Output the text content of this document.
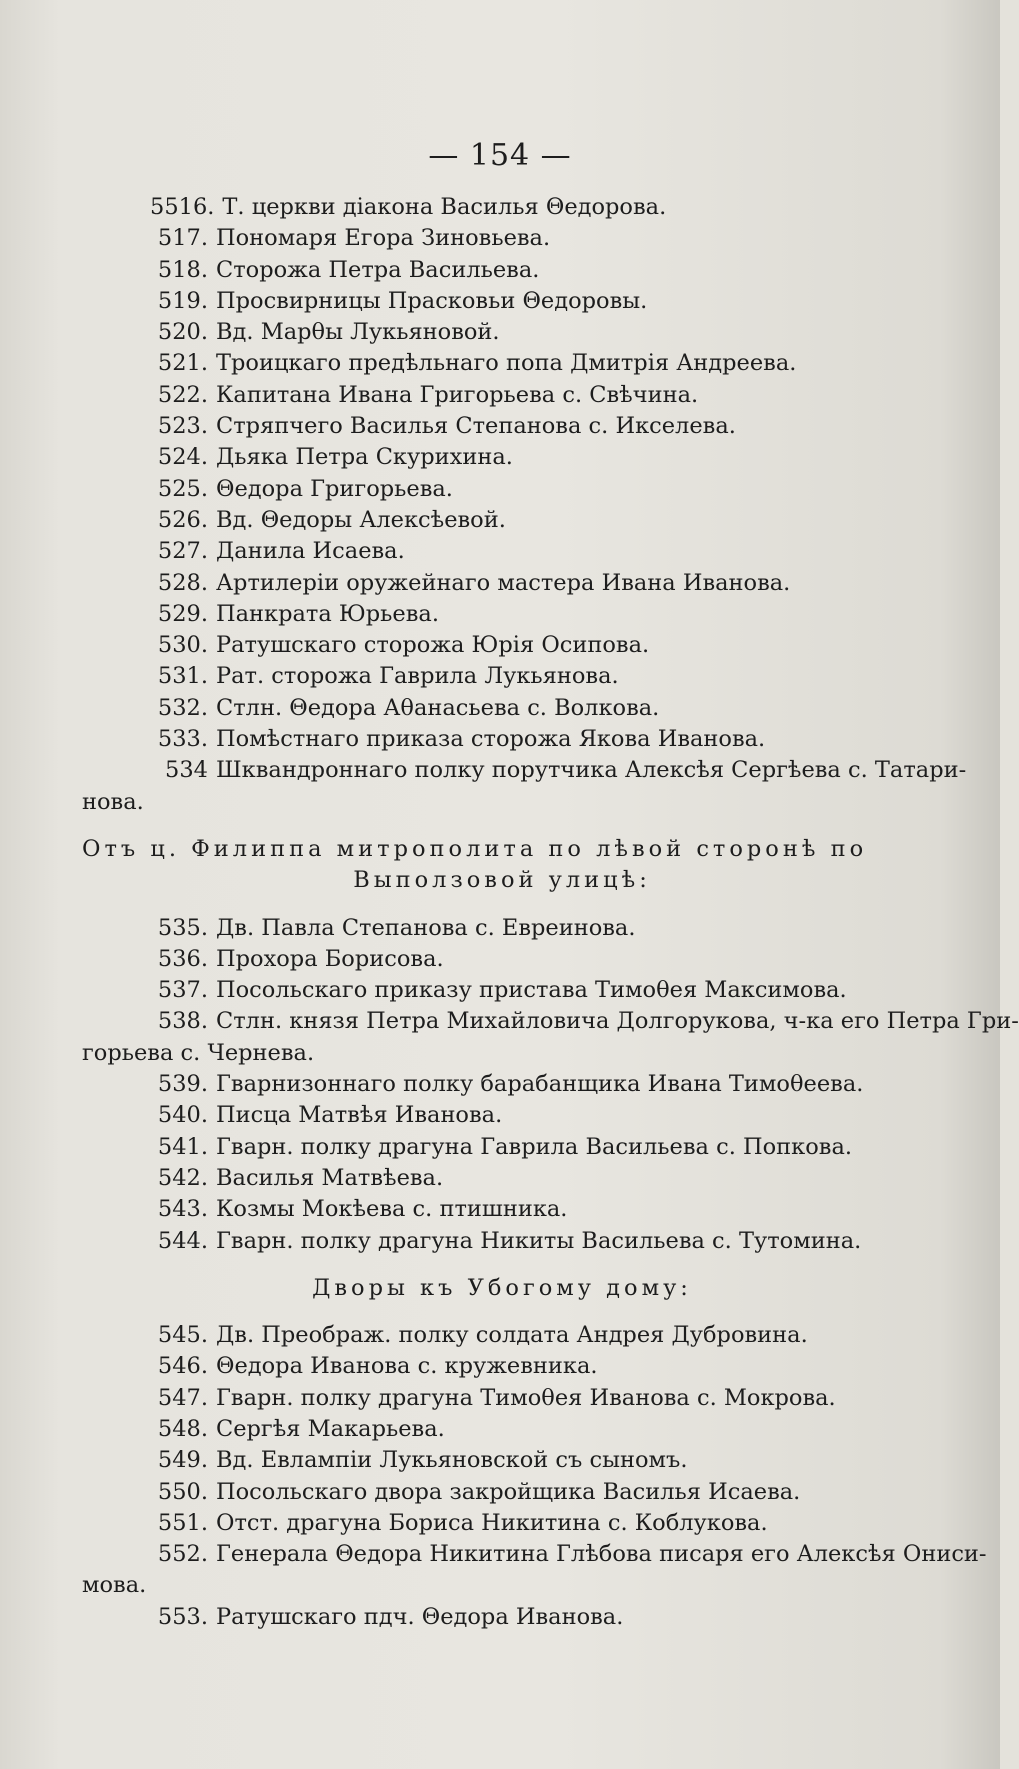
— 154 —
5516. Т. церкви діакона Василья Θедорова.
517. Пономаря Егора Зиновьева.
518. Сторожа Петра Васильева.
519. Просвирницы Прасковьи Θедоровы.
520. Вд. Марθы Лукьяновой.
521. Троицкаго предѣльнаго попа Дмитрія Андреева.
522. Капитана Ивана Григорьева с. Свѣчина.
523. Стряпчего Василья Степанова с. Икселева.
524. Дьяка Петра Скурихина.
525. Θедора Григорьева.
526. Вд. Θедоры Алексѣевой.
527. Данила Исаева.
528. Артилеріи оружейнаго мастера Ивана Иванова.
529. Панкрата Юрьева.
530. Ратушскаго сторожа Юрія Осипова.
531. Рат. сторожа Гаврила Лукьянова.
532. Стлн. Θедора Аθанасьева с. Волкова.
533. Помѣстнаго приказа сторожа Якова Иванова.
534 Шквандроннаго полку порутчика Алексѣя Сергѣева с. Татари-
нова.
Отъ ц. Филиппа митрополита по лѣвой сторонѣ по
Выползовой улицѣ:
535. Дв. Павла Степанова с. Евреинова.
536. Прохора Борисова.
537. Посольскаго приказу пристава Тимоθея Максимова.
538. Стлн. князя Петра Михайловича Долгорукова, ч-ка его Петра Гри-
горьева с. Чернева.
539. Гварнизоннаго полку барабанщика Ивана Тимоθеева.
540. Писца Матвѣя Иванова.
541. Гварн. полку драгуна Гаврила Васильева с. Попкова.
542. Василья Матвѣева.
543. Козмы Мокѣева с. птишника.
544. Гварн. полку драгуна Никиты Васильева с. Тутомина.
Дворы къ Убогому дому:
545. Дв. Преображ. полку солдата Андрея Дубровина.
546. Θедора Иванова с. кружевника.
547. Гварн. полку драгуна Тимоθея Иванова с. Мокрова.
548. Сергѣя Макарьева.
549. Вд. Евлампіи Лукьяновской съ сыномъ.
550. Посольскаго двора закройщика Василья Исаева.
551. Отст. драгуна Бориса Никитина с. Коблукова.
552. Генерала Θедора Никитина Глѣбова писаря его Алексѣя Ониси-
мова.
553. Ратушскаго пдч. Θедора Иванова.
